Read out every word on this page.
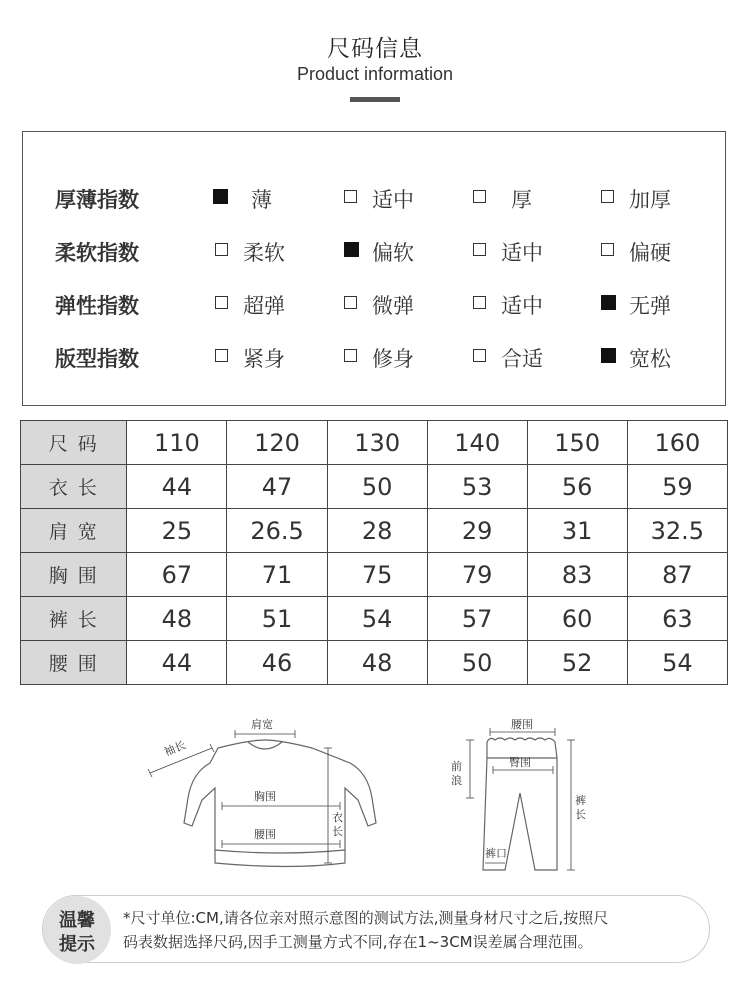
尺码信息
Product information
厚薄指数	薄	适中	厚	加厚
柔软指数	柔软	偏软	适中	偏硬
弹性指数	超弹	微弹	适中	无弹
版型指数	紧身	修身	合适	宽松
尺码	110	120	130	140	150	160
衣长	44	47	50	53	56	59
肩宽	25	26.5	28	29	31	32.5
胸围	67	71	75	79	83	87
裤长	48	51	54	57	60	63
腰围	44	46	48	50	52	54
肩宽
袖长
胸围
腰围
衣
长
腰围
臀围
前
浪
裤
长
裤口
温馨
提示
*尺寸单位:CM,请各位亲对照示意图的测试方法,测量身材尺寸之后,按照尺
码表数据选择尺码,因手工测量方式不同,存在1~3CM误差属合理范围。
